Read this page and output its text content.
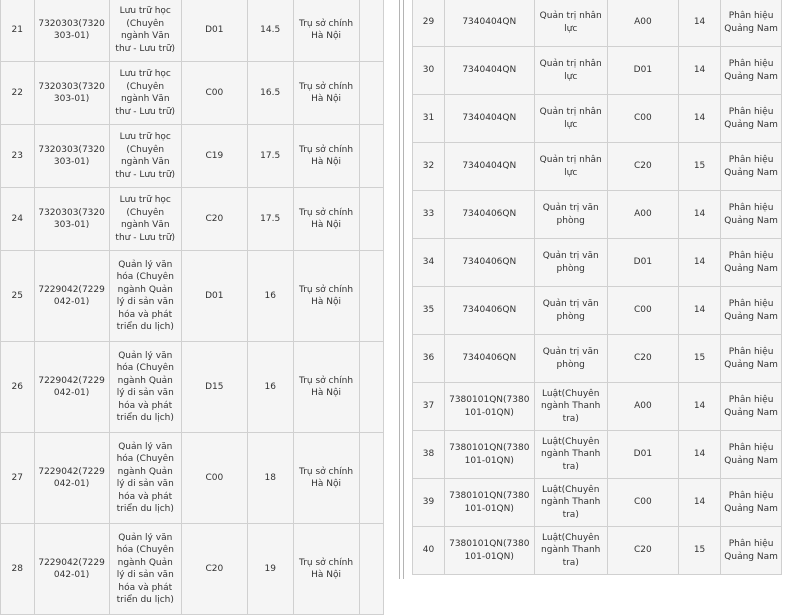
21	7320303(7320303-01)	Lưu trữ học (Chuyên ngành Văn thư - Lưu trữ)	D01	14.5	Trụ sở chính Hà Nội	

22	7320303(7320303-01)	Lưu trữ học (Chuyên ngành Văn thư - Lưu trữ)	C00	16.5	Trụ sở chính Hà Nội	

23	7320303(7320303-01)	Lưu trữ học (Chuyên ngành Văn thư - Lưu trữ)	C19	17.5	Trụ sở chính Hà Nội	

24	7320303(7320303-01)	Lưu trữ học (Chuyên ngành Văn thư - Lưu trữ)	C20	17.5	Trụ sở chính Hà Nội	

25	7229042(7229042-01)	Quản lý văn hóa (Chuyên ngành Quản lý di sản văn hóa và phát triển du lịch)	D01	16	Trụ sở chính Hà Nội	

26	7229042(7229042-01)	Quản lý văn hóa (Chuyên ngành Quản lý di sản văn hóa và phát triển du lịch)	D15	16	Trụ sở chính Hà Nội	

27	7229042(7229042-01)	Quản lý văn hóa (Chuyên ngành Quản lý di sản văn hóa và phát triển du lịch)	C00	18	Trụ sở chính Hà Nội	

28	7229042(7229042-01)	Quản lý văn hóa (Chuyên ngành Quản lý di sản văn hóa và phát triển du lịch)	C20	19	Trụ sở chính Hà Nội	

29	7340404QN	Quản trị nhân lực	A00	14	Phân hiệu Quảng Nam

30	7340404QN	Quản trị nhân lực	D01	14	Phân hiệu Quảng Nam

31	7340404QN	Quản trị nhân lực	C00	14	Phân hiệu Quảng Nam

32	7340404QN	Quản trị nhân lực	C20	15	Phân hiệu Quảng Nam

33	7340406QN	Quản trị văn phòng	A00	14	Phân hiệu Quảng Nam

34	7340406QN	Quản trị văn phòng	D01	14	Phân hiệu Quảng Nam

35	7340406QN	Quản trị văn phòng	C00	14	Phân hiệu Quảng Nam

36	7340406QN	Quản trị văn phòng	C20	15	Phân hiệu Quảng Nam

37	7380101QN(7380101-01QN)	Luật(Chuyên ngành Thanh tra)	A00	14	Phân hiệu Quảng Nam

38	7380101QN(7380101-01QN)	Luật(Chuyên ngành Thanh tra)	D01	14	Phân hiệu Quảng Nam

39	7380101QN(7380101-01QN)	Luật(Chuyên ngành Thanh tra)	C00	14	Phân hiệu Quảng Nam

40	7380101QN(7380101-01QN)	Luật(Chuyên ngành Thanh tra)	C20	15	Phân hiệu Quảng Nam
